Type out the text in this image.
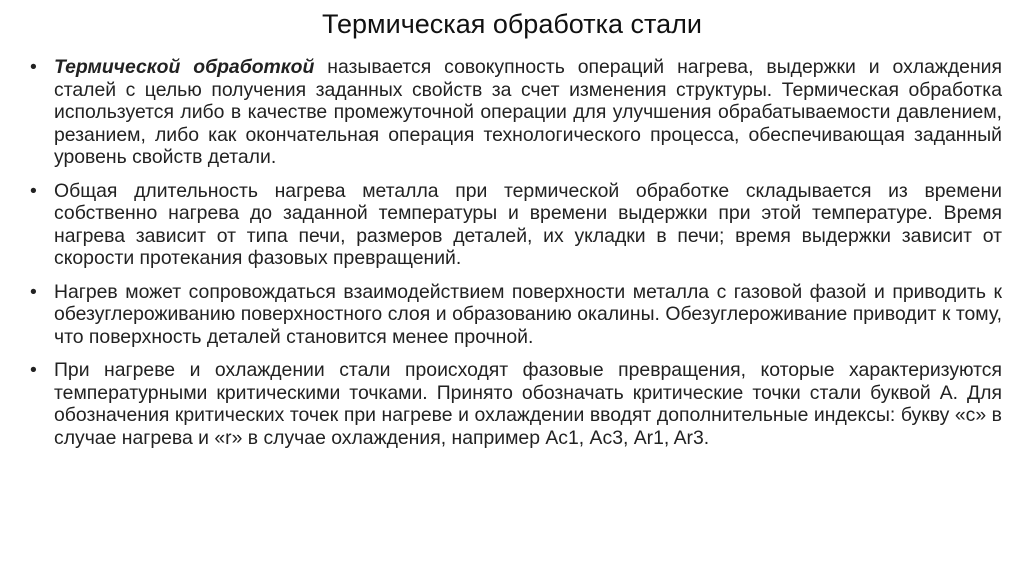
Термическая обработка стали
• Термической обработкой называется совокупность операций нагрева, выдержки и охлаждения сталей с целью получения заданных свойств за счет изменения структуры. Термическая обработка используется либо в качестве промежуточной операции для улучшения обрабатываемости давлением, резанием, либо как окончательная операция технологического процесса, обеспечивающая заданный уровень свойств детали.
• Общая длительность нагрева металла при термической обработке складывается из времени собственно нагрева до заданной температуры и времени выдержки при этой температуре. Время нагрева зависит от типа печи, размеров деталей, их укладки в печи; время выдержки зависит от скорости протекания фазовых превращений.
• Нагрев может сопровождаться взаимодействием поверхности металла с газовой фазой и приводить к обезуглероживанию поверхностного слоя и образованию окалины. Обезуглероживание приводит к тому, что поверхность деталей становится менее прочной.
• При нагреве и охлаждении стали происходят фазовые превращения, которые характеризуются температурными критическими точками. Принято обозначать критические точки стали буквой А. Для обозначения критических точек при нагреве и охлаждении вводят дополнительные индексы: букву «с» в случае нагрева и «r» в случае охлаждения, например Ас1, Ас3, Ar1, Ar3.
